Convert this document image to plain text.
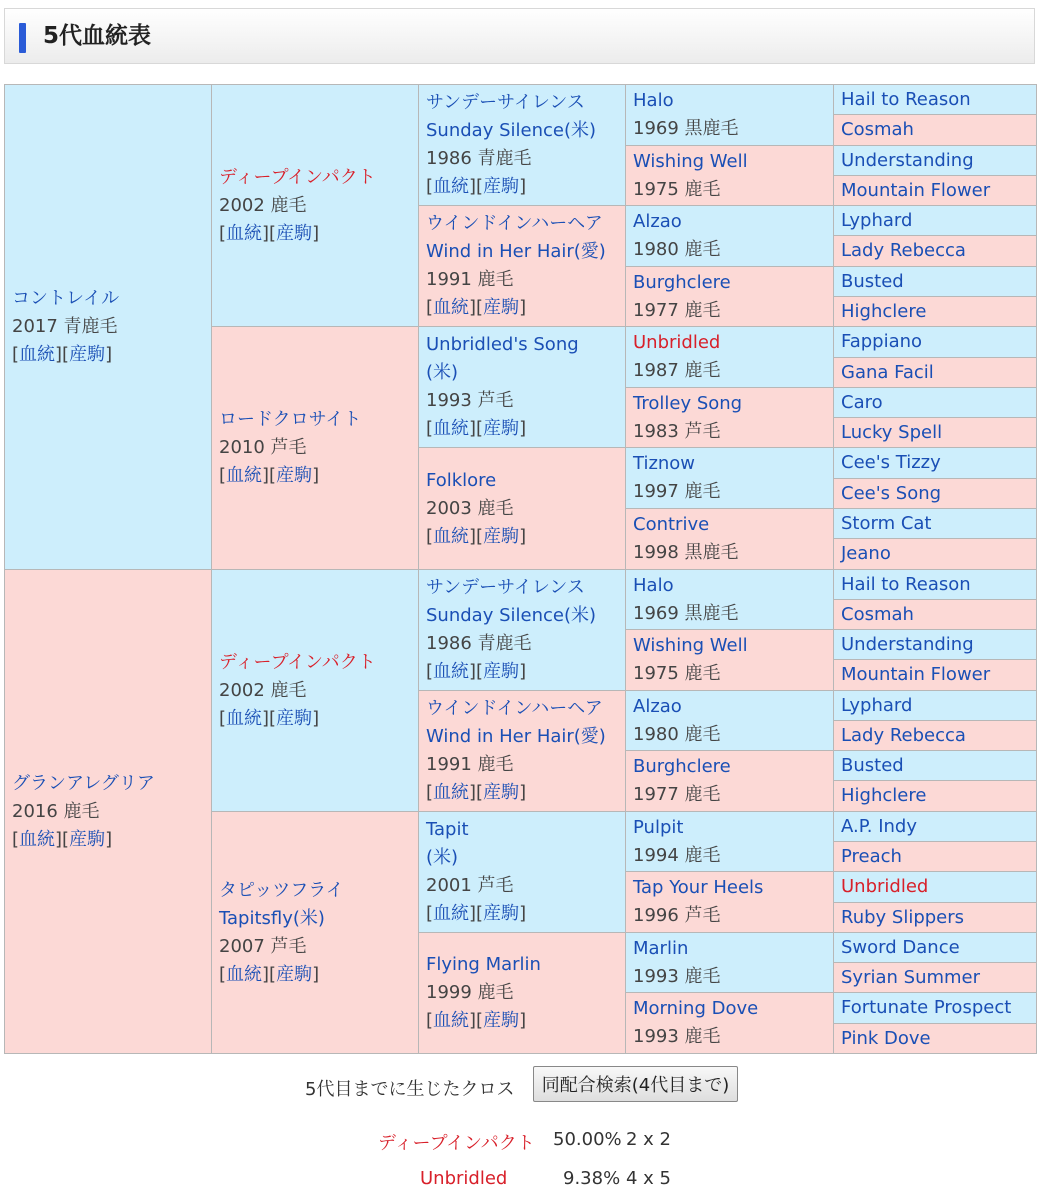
5代血統表
コントレイル
2017 青鹿毛
[血統][産駒]
グランアレグリア
2016 鹿毛
[血統][産駒]
ディープインパクト
2002 鹿毛
[血統][産駒]
ロードクロサイト
2010 芦毛
[血統][産駒]
ディープインパクト
2002 鹿毛
[血統][産駒]
タピッツフライ
Tapitsfly(米)
2007 芦毛
[血統][産駒]
サンデーサイレンス
Sunday Silence(米)
1986 青鹿毛
[血統][産駒]
ウインドインハーヘア
Wind in Her Hair(愛)
1991 鹿毛
[血統][産駒]
Unbridled's Song
(米)
1993 芦毛
[血統][産駒]
Folklore
2003 鹿毛
[血統][産駒]
サンデーサイレンス
Sunday Silence(米)
1986 青鹿毛
[血統][産駒]
ウインドインハーヘア
Wind in Her Hair(愛)
1991 鹿毛
[血統][産駒]
Tapit
(米)
2001 芦毛
[血統][産駒]
Flying Marlin
1999 鹿毛
[血統][産駒]
Halo
1969 黒鹿毛
Wishing Well
1975 鹿毛
Alzao
1980 鹿毛
Burghclere
1977 鹿毛
Unbridled
1987 鹿毛
Trolley Song
1983 芦毛
Tiznow
1997 鹿毛
Contrive
1998 黒鹿毛
Halo
1969 黒鹿毛
Wishing Well
1975 鹿毛
Alzao
1980 鹿毛
Burghclere
1977 鹿毛
Pulpit
1994 鹿毛
Tap Your Heels
1996 芦毛
Marlin
1993 鹿毛
Morning Dove
1993 鹿毛
Hail to Reason
Cosmah
Understanding
Mountain Flower
Lyphard
Lady Rebecca
Busted
Highclere
Fappiano
Gana Facil
Caro
Lucky Spell
Cee's Tizzy
Cee's Song
Storm Cat
Jeano
Hail to Reason
Cosmah
Understanding
Mountain Flower
Lyphard
Lady Rebecca
Busted
Highclere
A.P. Indy
Preach
Unbridled
Ruby Slippers
Sword Dance
Syrian Summer
Fortunate Prospect
Pink Dove
5代目までに生じたクロス	同配合検索(4代目まで)
ディープインパクト 50.00% 2 x 2
Unbridled	9.38% 4 x 5
